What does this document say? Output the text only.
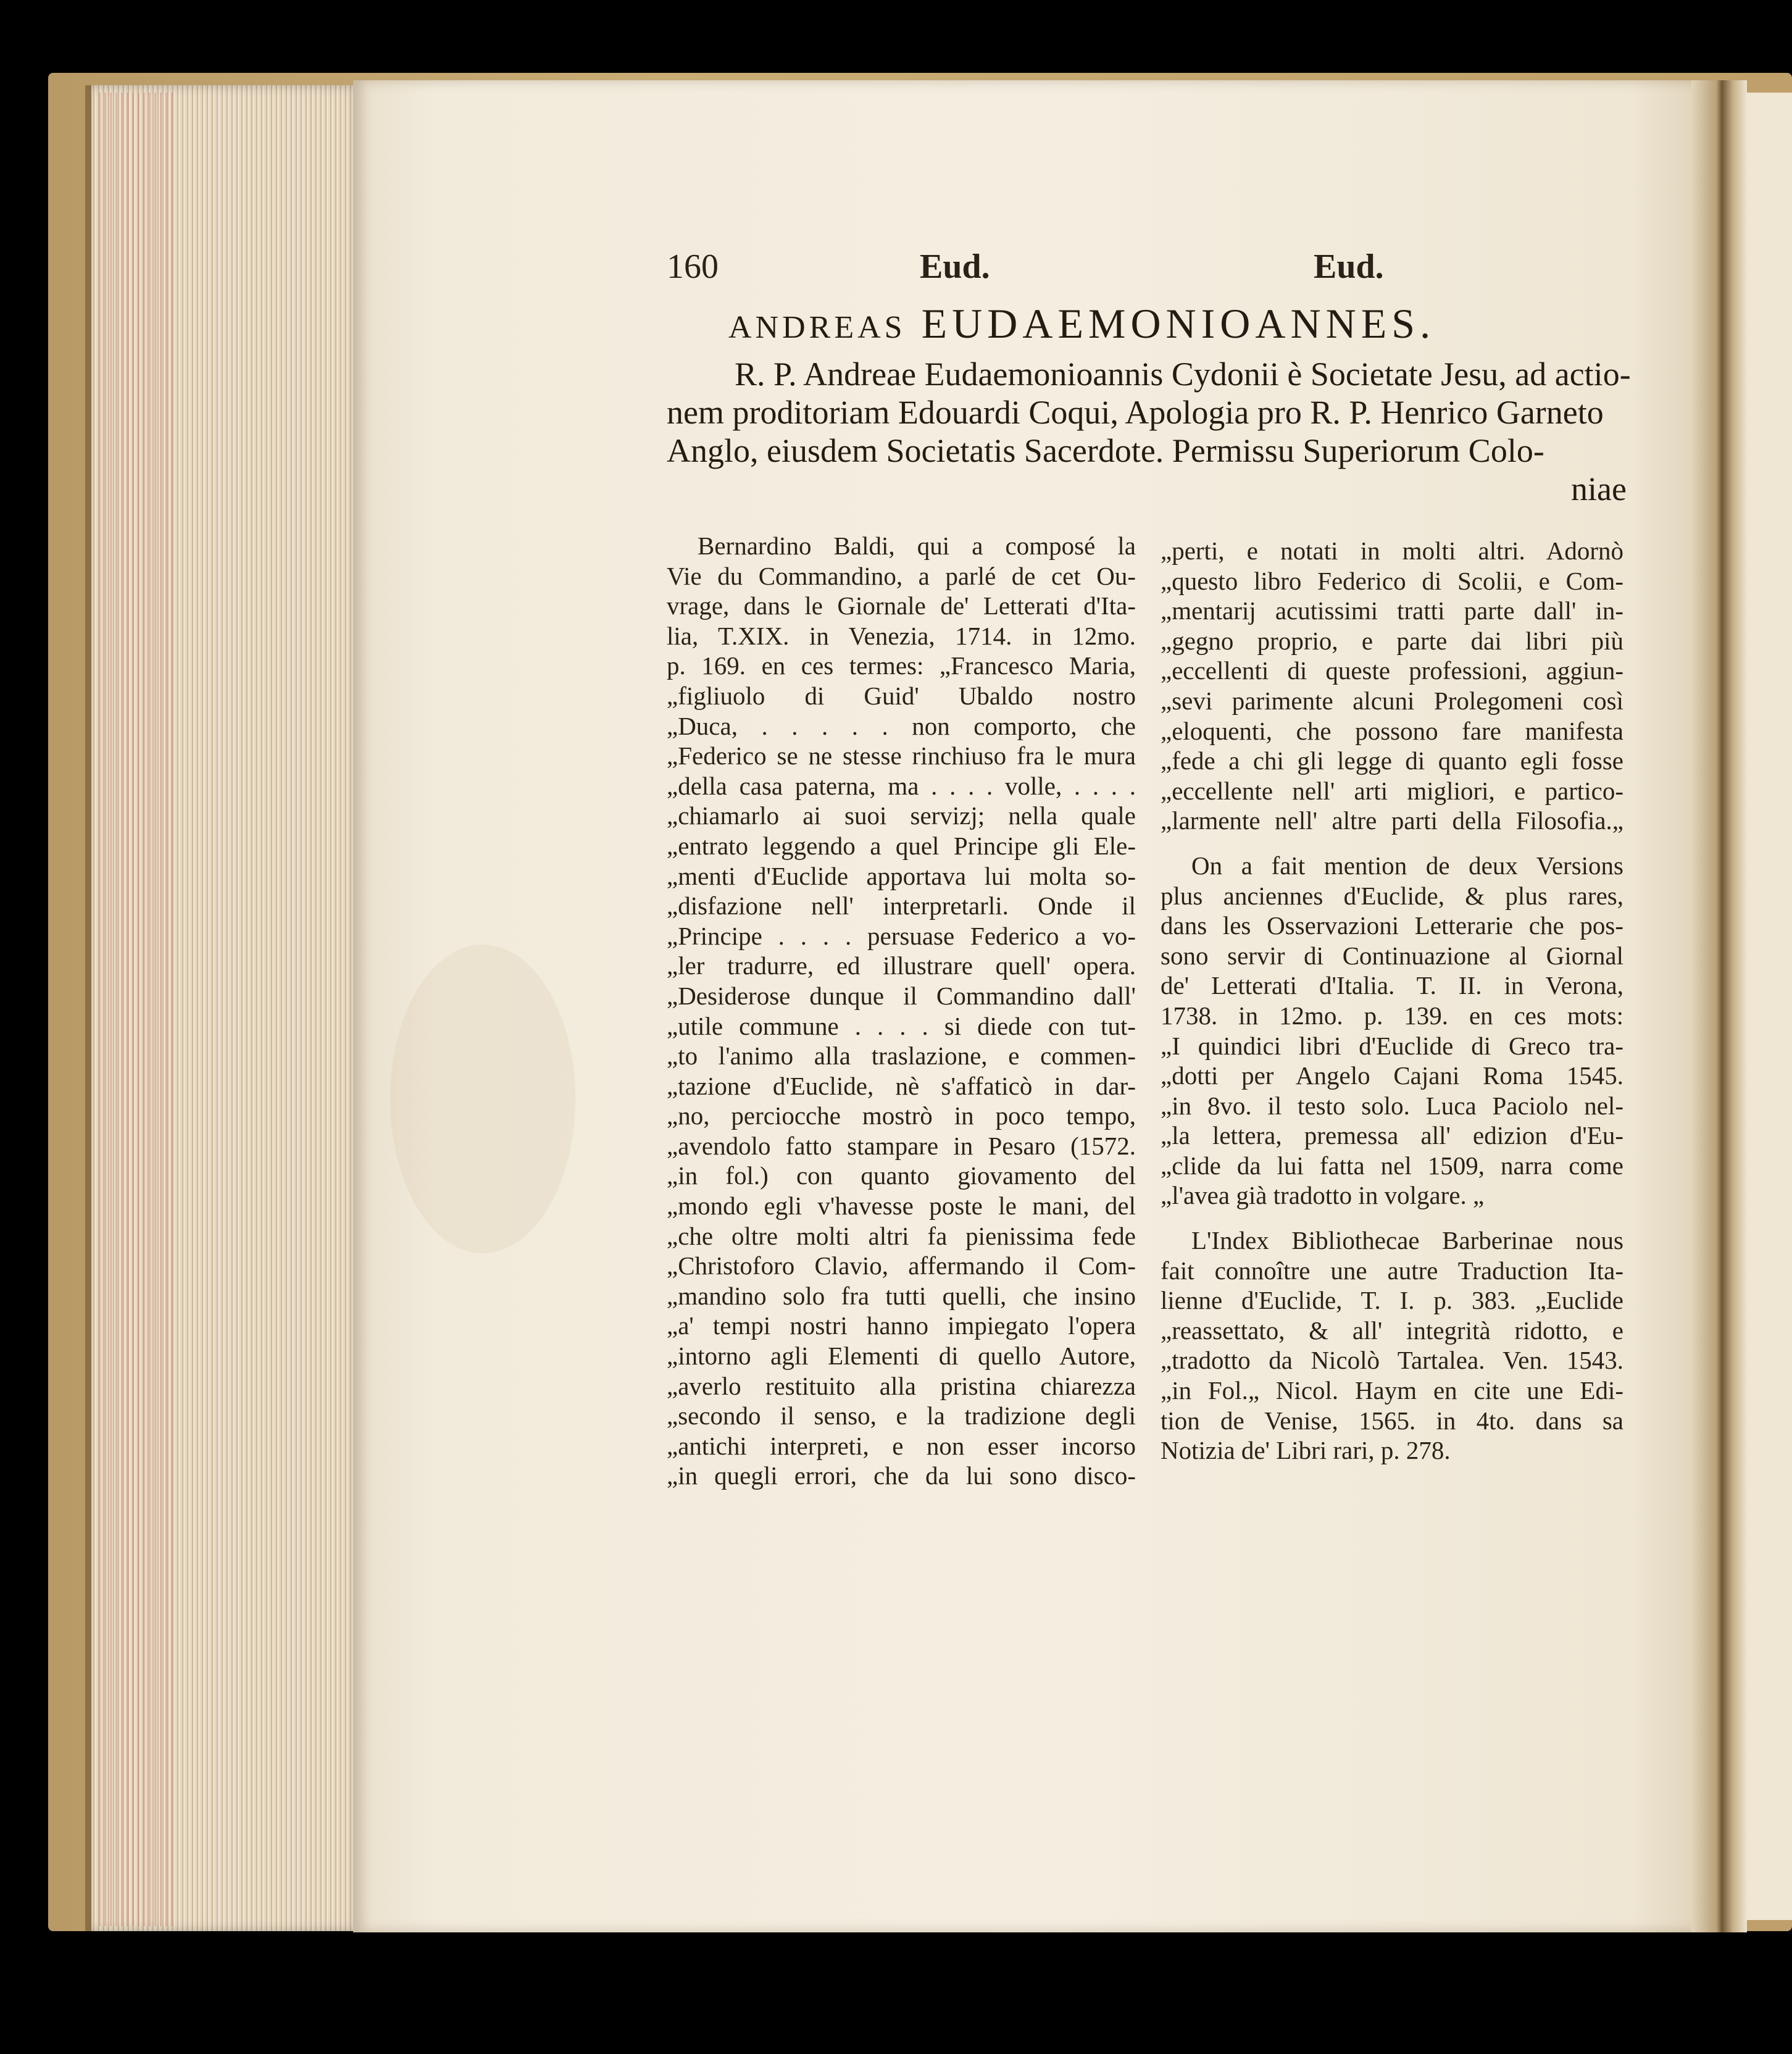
160	Eud.	Eud.
ANDREAS EUDAEMONIOANNES.
R. P. Andreae Eudaemonioannis Cydonii è Societate Jesu, ad actio-
nem proditoriam Edouardi Coqui, Apologia pro R. P. Henrico Garneto
Anglo, eiusdem Societatis Sacerdote. Permissu Superiorum Colo-
niae
Bernardino Baldi, qui a composé la
Vie du Commandino, a parlé de cet Ou-
vrage, dans le Giornale de' Letterati d'Ita-
lia, T.XIX. in Venezia, 1714. in 12mo.
p. 169. en ces termes: „Francesco Maria,
„figliuolo di Guid' Ubaldo nostro
„Duca, . . . . . non comporto, che
„Federico se ne stesse rinchiuso fra le mura
„della casa paterna, ma . . . . volle, . . . .
„chiamarlo ai suoi servizj; nella quale
„entrato leggendo a quel Principe gli Ele-
„menti d'Euclide apportava lui molta so-
„disfazione nell' interpretarli. Onde il
„Principe . . . . persuase Federico a vo-
„ler tradurre, ed illustrare quell' opera.
„Desiderose dunque il Commandino dall'
„utile commune . . . . si diede con tut-
„to l'animo alla traslazione, e commen-
„tazione d'Euclide, nè s'affaticò in dar-
„no, perciocche mostrò in poco tempo,
„avendolo fatto stampare in Pesaro (1572.
„in fol.) con quanto giovamento del
„mondo egli v'havesse poste le mani, del
„che oltre molti altri fa pienissima fede
„Christoforo Clavio, affermando il Com-
„mandino solo fra tutti quelli, che insino
„a' tempi nostri hanno impiegato l'opera
„intorno agli Elementi di quello Autore,
„averlo restituito alla pristina chiarezza
„secondo il senso, e la tradizione degli
„antichi interpreti, e non esser incorso
„in quegli errori, che da lui sono disco-
„perti, e notati in molti altri. Adornò
„questo libro Federico di Scolii, e Com-
„mentarij acutissimi tratti parte dall' in-
„gegno proprio, e parte dai libri più
„eccellenti di queste professioni, aggiun-
„sevi parimente alcuni Prolegomeni così
„eloquenti, che possono fare manifesta
„fede a chi gli legge di quanto egli fosse
„eccellente nell' arti migliori, e partico-
„larmente nell' altre parti della Filosofia.„
On a fait mention de deux Versions
plus anciennes d'Euclide, & plus rares,
dans les Osservazioni Letterarie che pos-
sono servir di Continuazione al Giornal
de' Letterati d'Italia. T. II. in Verona,
1738. in 12mo. p. 139. en ces mots:
„I quindici libri d'Euclide di Greco tra-
„dotti per Angelo Cajani Roma 1545.
„in 8vo. il testo solo. Luca Paciolo nel-
„la lettera, premessa all' edizion d'Eu-
„clide da lui fatta nel 1509, narra come
„l'avea già tradotto in volgare. „
L'Index Bibliothecae Barberinae nous
fait connoître une autre Traduction Ita-
lienne d'Euclide, T. I. p. 383. „Euclide
„reassettato, & all' integrità ridotto, e
„tradotto da Nicolò Tartalea. Ven. 1543.
„in Fol.„ Nicol. Haym en cite une Edi-
tion de Venise, 1565. in 4to. dans sa
Notizia de' Libri rari, p. 278.
